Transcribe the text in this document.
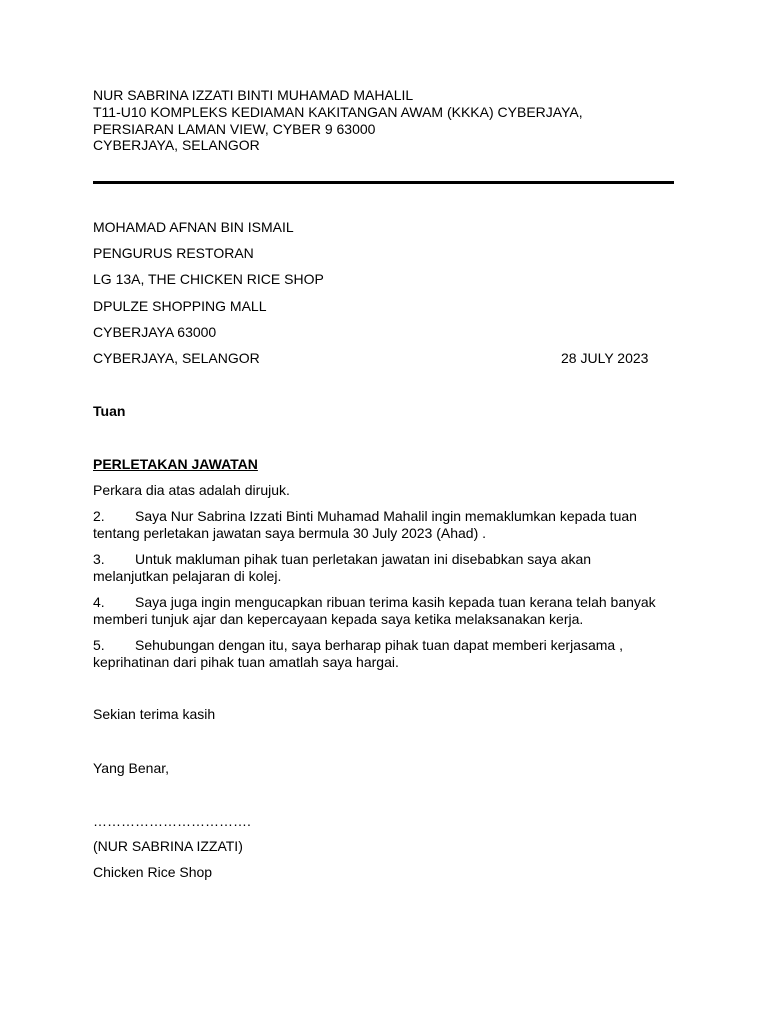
NUR SABRINA IZZATI BINTI MUHAMAD MAHALIL
T11-U10 KOMPLEKS KEDIAMAN KAKITANGAN AWAM (KKKA) CYBERJAYA,
PERSIARAN LAMAN VIEW, CYBER 9 63000
CYBERJAYA, SELANGOR
MOHAMAD AFNAN BIN ISMAIL
PENGURUS RESTORAN
LG 13A, THE CHICKEN RICE SHOP
DPULZE SHOPPING MALL
CYBERJAYA 63000
CYBERJAYA, SELANGOR	28 JULY 2023
Tuan
PERLETAKAN JAWATAN
Perkara dia atas adalah dirujuk.
2. Saya Nur Sabrina Izzati Binti Muhamad Mahalil ingin memaklumkan kepada tuan tentang perletakan jawatan saya bermula 30 July 2023 (Ahad) .
3. Untuk makluman pihak tuan perletakan jawatan ini disebabkan saya akan melanjutkan pelajaran di kolej.
4. Saya juga ingin mengucapkan ribuan terima kasih kepada tuan kerana telah banyak memberi tunjuk ajar dan kepercayaan kepada saya ketika melaksanakan kerja.
5. Sehubungan dengan itu, saya berharap pihak tuan dapat memberi kerjasama , keprihatinan dari pihak tuan amatlah saya hargai.
Sekian terima kasih
Yang Benar,
…………………………….
(NUR SABRINA IZZATI)
Chicken Rice Shop
